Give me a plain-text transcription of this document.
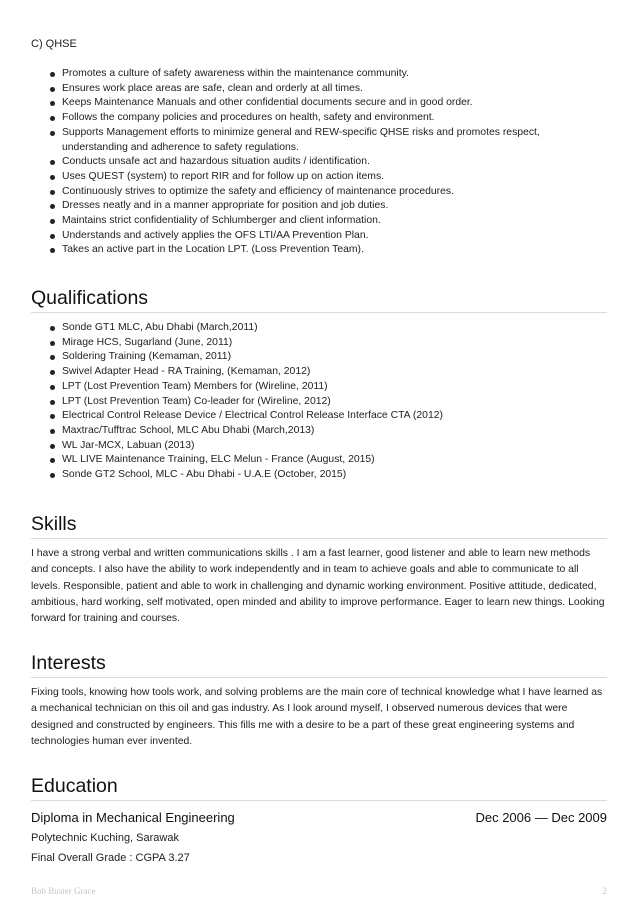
C) QHSE
Promotes a culture of safety awareness within the maintenance community.
Ensures work place areas are safe, clean and orderly at all times.
Keeps Maintenance Manuals and other confidential documents secure and in good order.
Follows the company policies and procedures on health, safety and environment.
Supports Management efforts to minimize general and REW-specific QHSE risks and promotes respect, understanding and adherence to safety regulations.
Conducts unsafe act and hazardous situation audits / identification.
Uses QUEST (system) to report RIR and for follow up on action items.
Continuously strives to optimize the safety and efficiency of maintenance procedures.
Dresses neatly and in a manner appropriate for position and job duties.
Maintains strict confidentiality of Schlumberger and client information.
Understands and actively applies the OFS LTI/AA Prevention Plan.
Takes an active part in the Location LPT. (Loss Prevention Team).
Qualifications
Sonde GT1 MLC, Abu Dhabi (March,2011)
Mirage HCS, Sugarland (June, 2011)
Soldering Training (Kemaman, 2011)
Swivel Adapter Head - RA Training, (Kemaman, 2012)
LPT (Lost Prevention Team) Members for (Wireline, 2011)
LPT (Lost Prevention Team) Co-leader for (Wireline, 2012)
Electrical Control Release Device / Electrical Control Release Interface CTA (2012)
Maxtrac/Tufftrac School, MLC Abu Dhabi (March,2013)
WL Jar-MCX, Labuan (2013)
WL LIVE Maintenance Training, ELC Melun - France (August, 2015)
Sonde GT2 School, MLC - Abu Dhabi - U.A.E (October, 2015)
Skills
I have a strong verbal and written communications skills . I am a fast learner, good listener and able to learn new methods and concepts. I also have the ability to work independently and in team to achieve goals and able to communicate to all levels. Responsible, patient and able to work in challenging and dynamic working environment. Positive attitude, dedicated, ambitious, hard working, self motivated, open minded and ability to improve performance. Eager to learn new things. Looking forward for training and courses.
Interests
Fixing tools, knowing how tools work, and solving problems are the main core of technical knowledge what I have learned as a mechanical technician on this oil and gas industry. As I look around myself, I observed numerous devices that were designed and constructed by engineers. This fills me with a desire to be a part of these great engineering systems and technologies human ever invented.
Education
Diploma in Mechanical Engineering	Dec 2006 — Dec 2009
Polytechnic Kuching, Sarawak
Final Overall Grade : CGPA 3.27
Bob Buster Grace	2
